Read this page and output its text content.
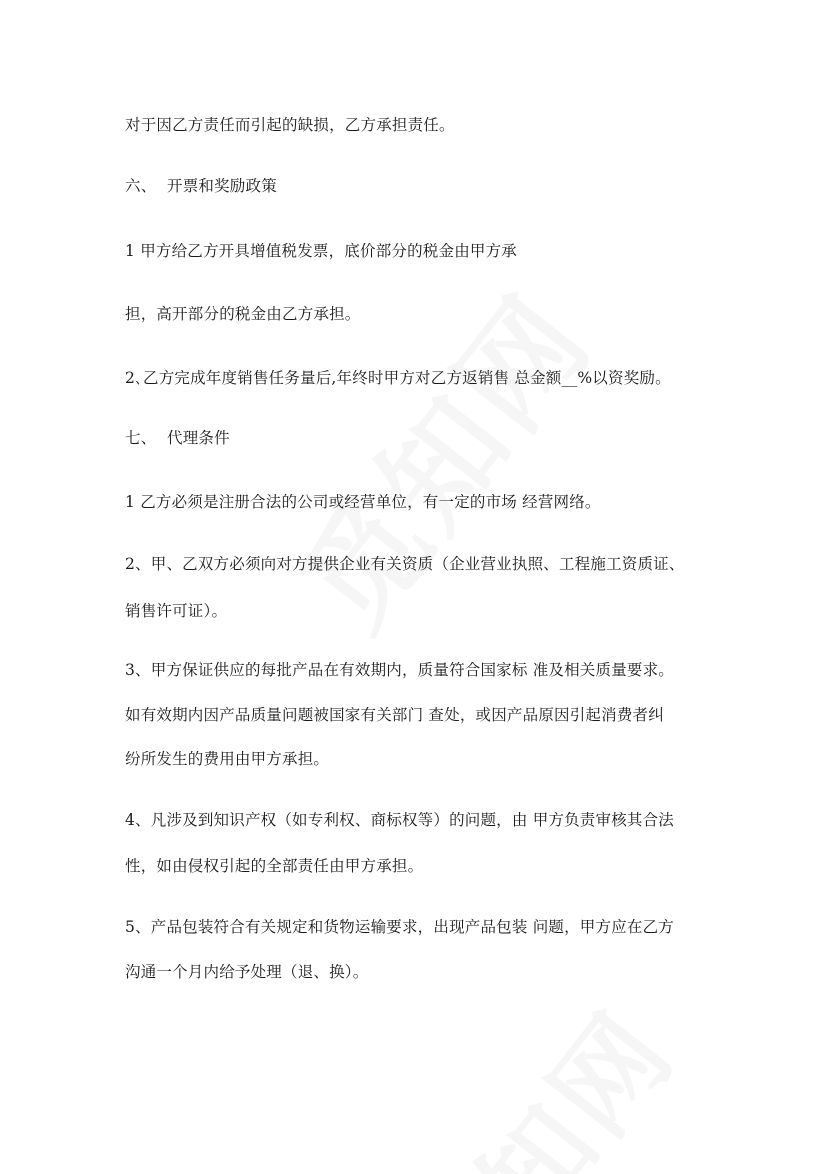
对于因乙方责任而引起的缺损，乙方承担责任。

六、 开票和奖励政策

1 甲方给乙方开具增值税发票，底价部分的税金由甲方承

担，高开部分的税金由乙方承担。

2､乙方完成年度销售任务量后,年终时甲方对乙方返销售 总金额__%以资奖励。

七、 代理条件

1 乙方必须是注册合法的公司或经营单位，有一定的市场 经营网络。

2、甲、乙双方必须向对方提供企业有关资质（企业营业执照、工程施工资质证、

销售许可证）。

3、甲方保证供应的每批产品在有效期内，质量符合国家标 准及相关质量要求。

如有效期内因产品质量问题被国家有关部门 查处，或因产品原因引起消费者纠

纷所发生的费用由甲方承担。

4、凡涉及到知识产权（如专利权、商标权等）的问题，由 甲方负责审核其合法

性，如由侵权引起的全部责任由甲方承担。

5、产品包装符合有关规定和货物运输要求，出现产品包装 问题，甲方应在乙方

沟通一个月内给予处理（退、换）。
